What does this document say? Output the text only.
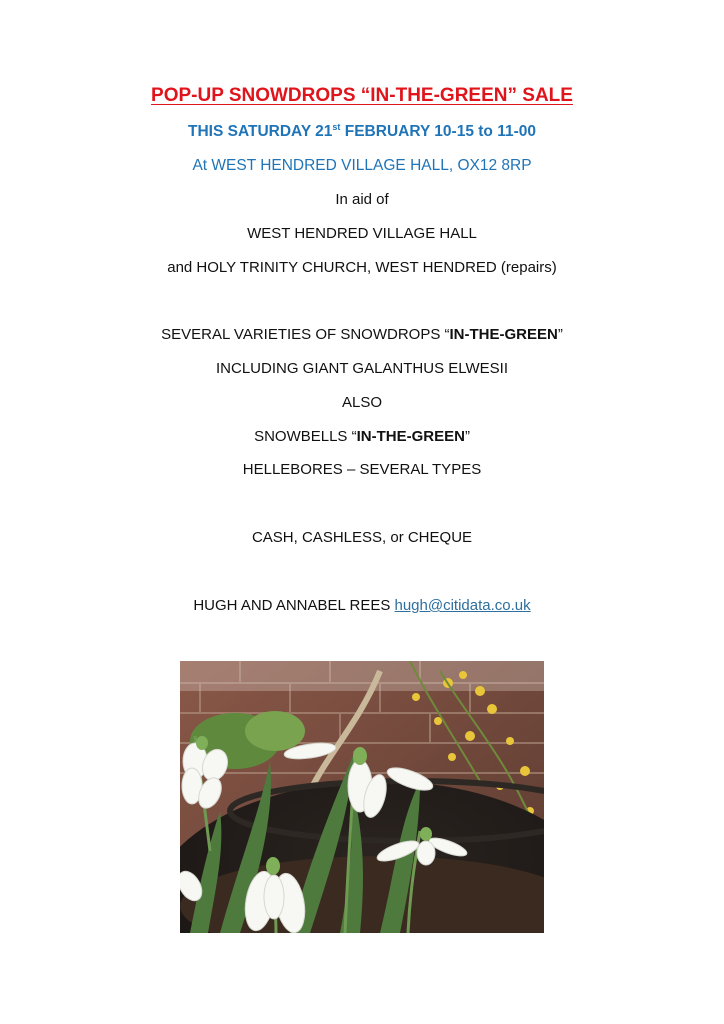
POP-UP SNOWDROPS “IN-THE-GREEN” SALE
THIS SATURDAY 21st FEBRUARY 10-15 to 11-00
At WEST HENDRED VILLAGE HALL, OX12 8RP
In aid of
WEST HENDRED VILLAGE HALL
and HOLY TRINITY CHURCH, WEST HENDRED (repairs)
SEVERAL VARIETIES OF SNOWDROPS “IN-THE-GREEN”
INCLUDING GIANT GALANTHUS ELWESII
ALSO
SNOWBELLS “IN-THE-GREEN”
HELLEBORES – SEVERAL TYPES
CASH, CASHLESS, or CHEQUE
HUGH AND ANNABEL REES hugh@citidata.co.uk
